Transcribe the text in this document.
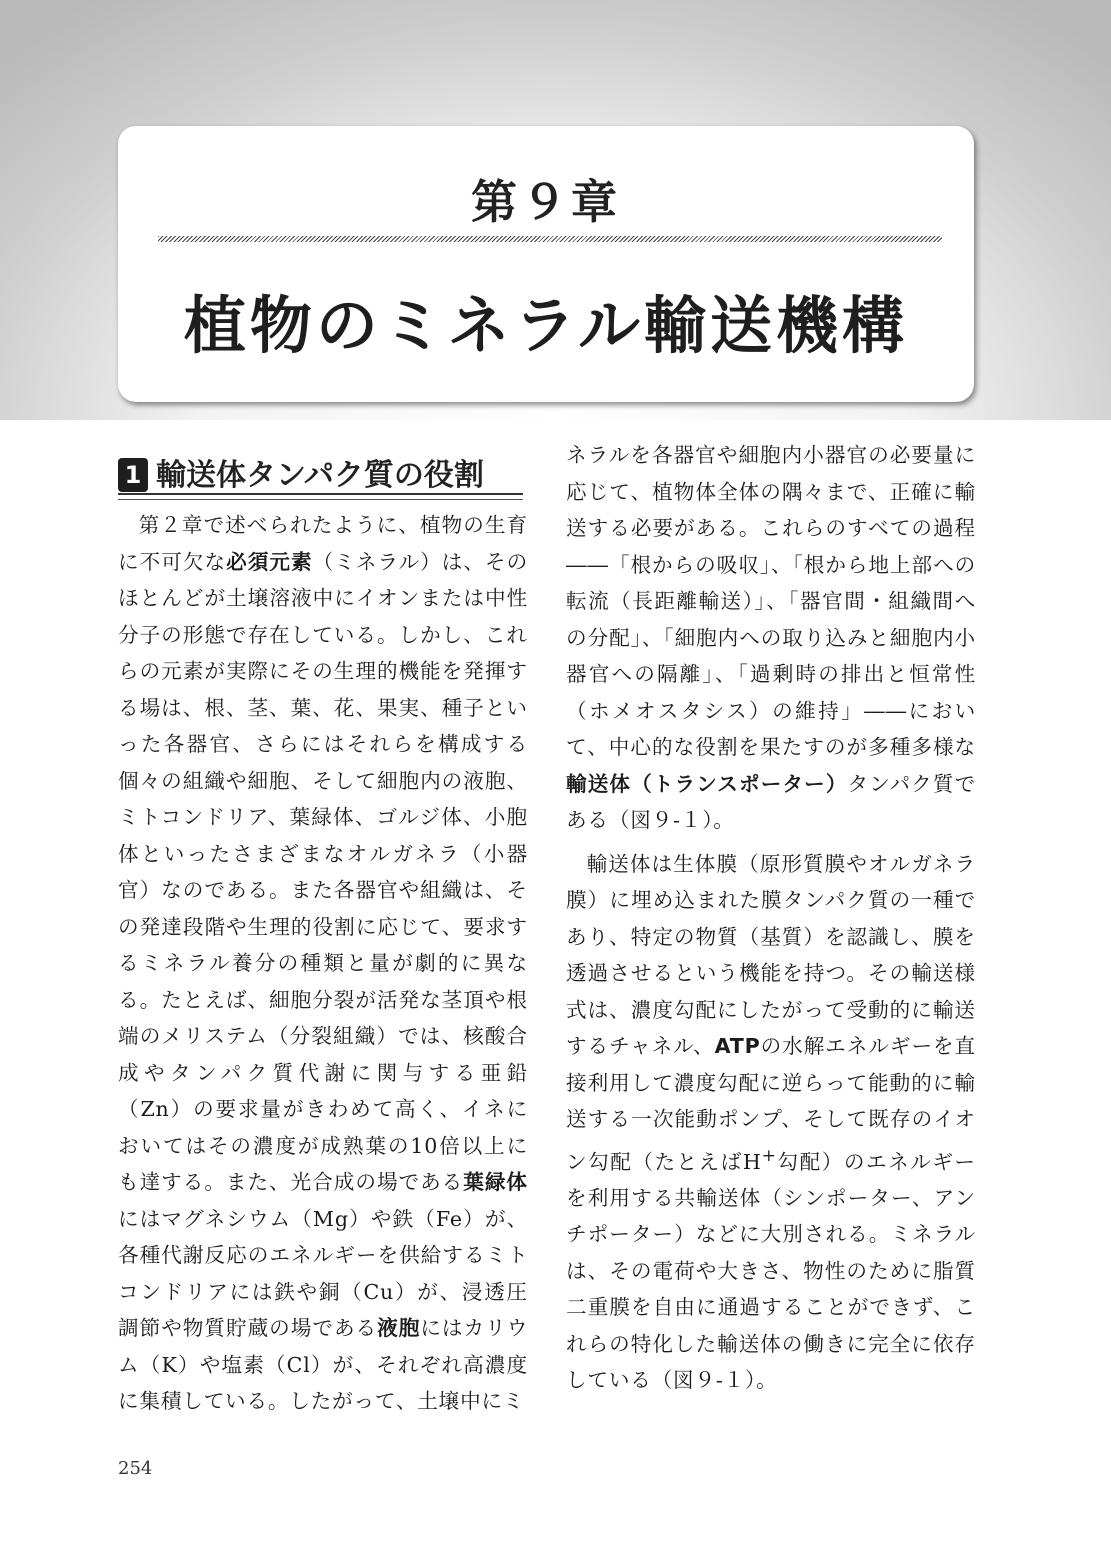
第９章
植物のミネラル輸送機構
1 輸送体タンパク質の役割

第２章で述べられたように、植物の生育に不可欠な必須元素（ミネラル）は、そのほとんどが土壌溶液中にイオンまたは中性分子の形態で存在している。しかし、これらの元素が実際にその生理的機能を発揮する場は、根、茎、葉、花、果実、種子といった各器官、さらにはそれらを構成する個々の組織や細胞、そして細胞内の液胞、ミトコンドリア、葉緑体、ゴルジ体、小胞体といったさまざまなオルガネラ（小器官）なのである。また各器官や組織は、その発達段階や生理的役割に応じて、要求するミネラル養分の種類と量が劇的に異なる。たとえば、細胞分裂が活発な茎頂や根端のメリステム（分裂組織）では、核酸合成やタンパク質代謝に関与する亜鉛（Zn）の要求量がきわめて高く、イネにおいてはその濃度が成熟葉の10倍以上にも達する。また、光合成の場である葉緑体にはマグネシウム（Mg）や鉄（Fe）が、各種代謝反応のエネルギーを供給するミトコンドリアには鉄や銅（Cu）が、浸透圧調節や物質貯蔵の場である液胞にはカリウム（K）や塩素（Cl）が、それぞれ高濃度に集積している。したがって、土壌中にミ

ネラルを各器官や細胞内小器官の必要量に応じて、植物体全体の隅々まで、正確に輸送する必要がある。これらのすべての過程――「根からの吸収」、「根から地上部への転流（長距離輸送）」、「器官間・組織間への分配」、「細胞内への取り込みと細胞内小器官への隔離」、「過剰時の排出と恒常性（ホメオスタシス）の維持」――において、中心的な役割を果たすのが多種多様な輸送体（トランスポーター）タンパク質である（図９-１）。

輸送体は生体膜（原形質膜やオルガネラ膜）に埋め込まれた膜タンパク質の一種であり、特定の物質（基質）を認識し、膜を透過させるという機能を持つ。その輸送様式は、濃度勾配にしたがって受動的に輸送するチャネル、ATPの水解エネルギーを直接利用して濃度勾配に逆らって能動的に輸送する一次能動ポンプ、そして既存のイオン勾配（たとえばH+勾配）のエネルギーを利用する共輸送体（シンポーター、アンチポーター）などに大別される。ミネラルは、その電荷や大きさ、物性のために脂質二重膜を自由に通過することができず、これらの特化した輸送体の働きに完全に依存している（図９-１）。

254
